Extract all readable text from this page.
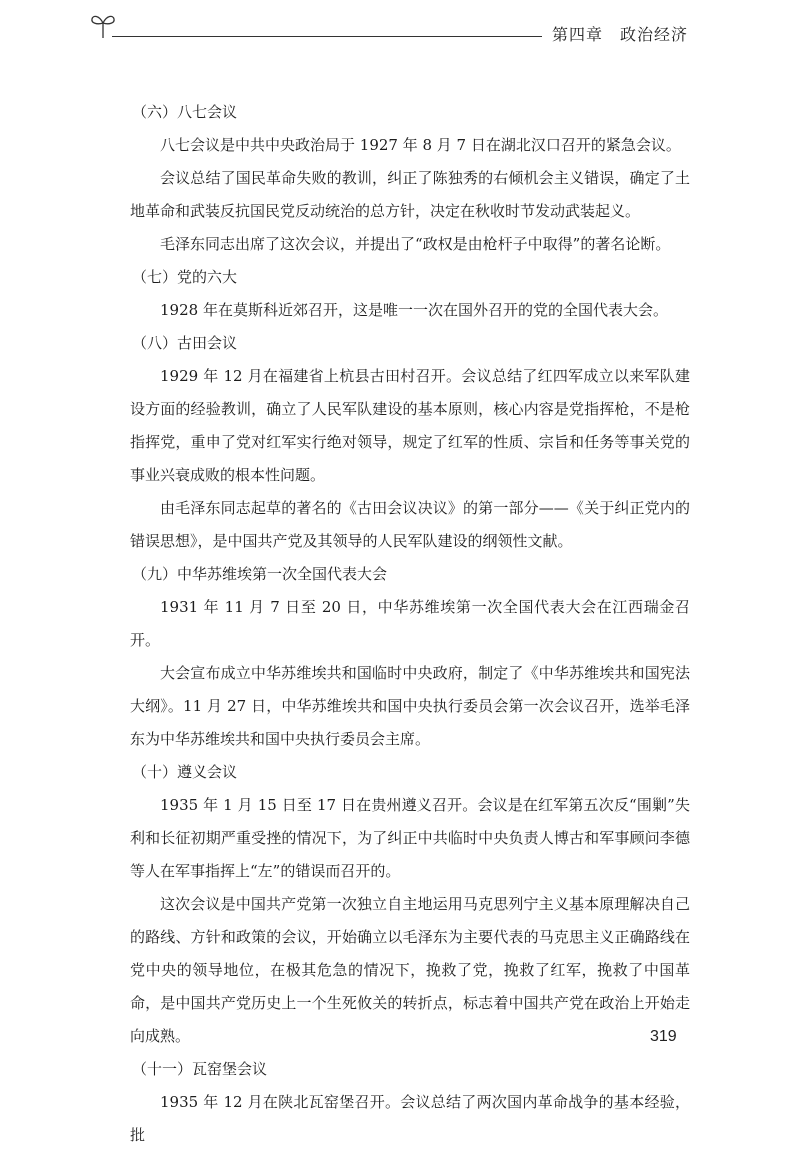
第四章　政治经济
（六）八七会议

八七会议是中共中央政治局于 1927 年 8 月 7 日在湖北汉口召开的紧急会议。

会议总结了国民革命失败的教训，纠正了陈独秀的右倾机会主义错误，确定了土地革命和武装反抗国民党反动统治的总方针，决定在秋收时节发动武装起义。

毛泽东同志出席了这次会议，并提出了“政权是由枪杆子中取得”的著名论断。

（七）党的六大

1928 年在莫斯科近郊召开，这是唯一一次在国外召开的党的全国代表大会。

（八）古田会议

1929 年 12 月在福建省上杭县古田村召开。会议总结了红四军成立以来军队建设方面的经验教训，确立了人民军队建设的基本原则，核心内容是党指挥枪，不是枪指挥党，重申了党对红军实行绝对领导，规定了红军的性质、宗旨和任务等事关党的事业兴衰成败的根本性问题。

由毛泽东同志起草的著名的《古田会议决议》的第一部分——《关于纠正党内的错误思想》，是中国共产党及其领导的人民军队建设的纲领性文献。

（九）中华苏维埃第一次全国代表大会

1931 年 11 月 7 日至 20 日，中华苏维埃第一次全国代表大会在江西瑞金召开。

大会宣布成立中华苏维埃共和国临时中央政府，制定了《中华苏维埃共和国宪法大纲》。11 月 27 日，中华苏维埃共和国中央执行委员会第一次会议召开，选举毛泽东为中华苏维埃共和国中央执行委员会主席。

（十）遵义会议

1935 年 1 月 15 日至 17 日在贵州遵义召开。会议是在红军第五次反“围剿”失利和长征初期严重受挫的情况下，为了纠正中共临时中央负责人博古和军事顾问李德等人在军事指挥上“左”的错误而召开的。

这次会议是中国共产党第一次独立自主地运用马克思列宁主义基本原理解决自己的路线、方针和政策的会议，开始确立以毛泽东为主要代表的马克思主义正确路线在党中央的领导地位，在极其危急的情况下，挽救了党，挽救了红军，挽救了中国革命，是中国共产党历史上一个生死攸关的转折点，标志着中国共产党在政治上开始走向成熟。

（十一）瓦窑堡会议

1935 年 12 月在陕北瓦窑堡召开。会议总结了两次国内革命战争的基本经验，批

319
